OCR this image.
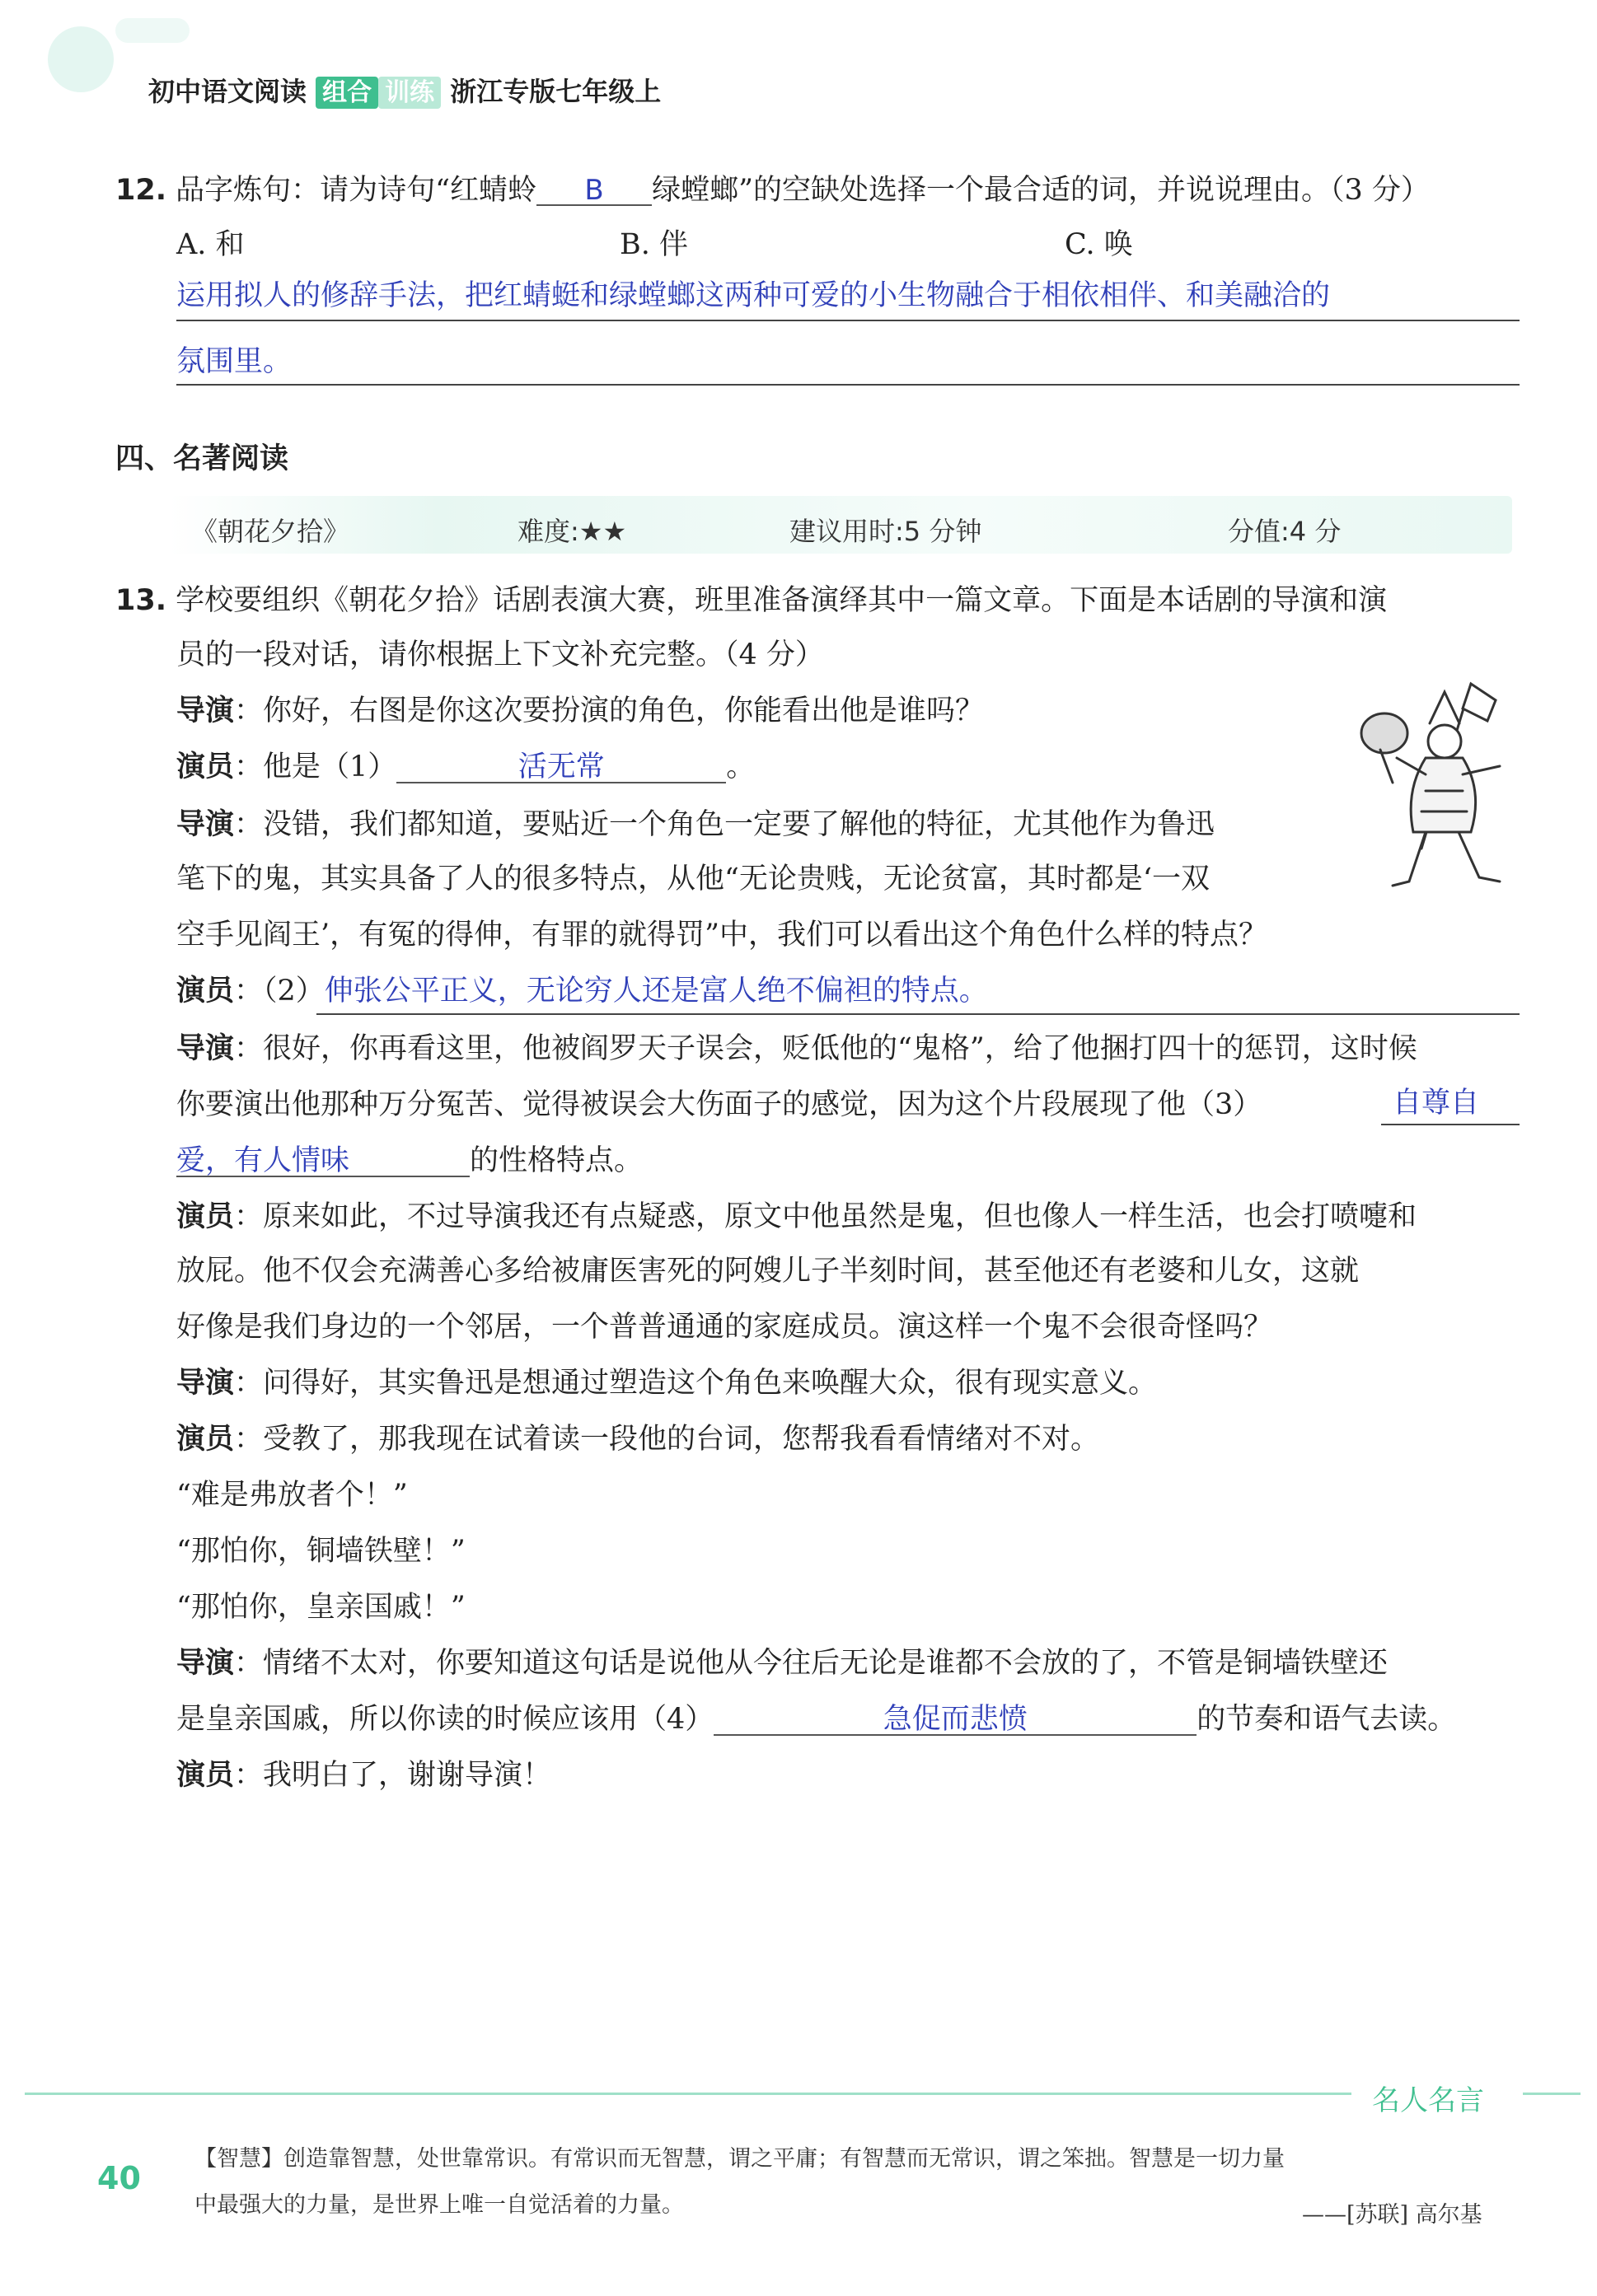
初中语文阅读 组合 训练 浙江专版七年级上
12. 品字炼句：请为诗句“红蜻蛉 B 绿螳螂”的空缺处选择一个最合适的词，并说说理由。（3 分）
A. 和	B. 伴	C. 唤
运用拟人的修辞手法，把红蜻蜓和绿螳螂这两种可爱的小生物融合于相依相伴、和美融洽的
氛围里。
四、名著阅读
《朝花夕拾》	难度:★★	建议用时:5 分钟	分值:4 分
13. 学校要组织《朝花夕拾》话剧表演大赛，班里准备演绎其中一篇文章。下面是本话剧的导演和演
员的一段对话，请你根据上下文补充完整。（4 分）
导演：你好，右图是你这次要扮演的角色，你能看出他是谁吗？
演员：他是（1）	活无常	。
导演：没错，我们都知道，要贴近一个角色一定要了解他的特征，尤其他作为鲁迅
笔下的鬼，其实具备了人的很多特点，从他“无论贵贱，无论贫富，其时都是‘一双
空手见阎王’，有冤的得伸，有罪的就得罚”中，我们可以看出这个角色什么样的特点？
演员：（2）伸张公平正义，无论穷人还是富人绝不偏袒的特点。
导演：很好，你再看这里，他被阎罗天子误会，贬低他的“鬼格”，给了他捆打四十的惩罚，这时候
你要演出他那种万分冤苦、觉得被误会大伤面子的感觉，因为这个片段展现了他（3）	自尊自
爱，有人情味	的性格特点。
演员：原来如此，不过导演我还有点疑惑，原文中他虽然是鬼，但也像人一样生活，也会打喷嚏和
放屁。他不仅会充满善心多给被庸医害死的阿嫂儿子半刻时间，甚至他还有老婆和儿女，这就
好像是我们身边的一个邻居，一个普普通通的家庭成员。演这样一个鬼不会很奇怪吗？
导演：问得好，其实鲁迅是想通过塑造这个角色来唤醒大众，很有现实意义。
演员：受教了，那我现在试着读一段他的台词，您帮我看看情绪对不对。
“难是弗放者个！”
“那怕你，铜墙铁壁！”
“那怕你，皇亲国戚！”
导演：情绪不太对，你要知道这句话是说他从今往后无论是谁都不会放的了，不管是铜墙铁壁还
是皇亲国戚，所以你读的时候应该用（4）	急促而悲愤	的节奏和语气去读。
演员：我明白了，谢谢导演！
名人名言
40
【智慧】创造靠智慧，处世靠常识。有常识而无智慧，谓之平庸；有智慧而无常识，谓之笨拙。智慧是一切力量
中最强大的力量，是世界上唯一自觉活着的力量。	——[苏联] 高尔基
